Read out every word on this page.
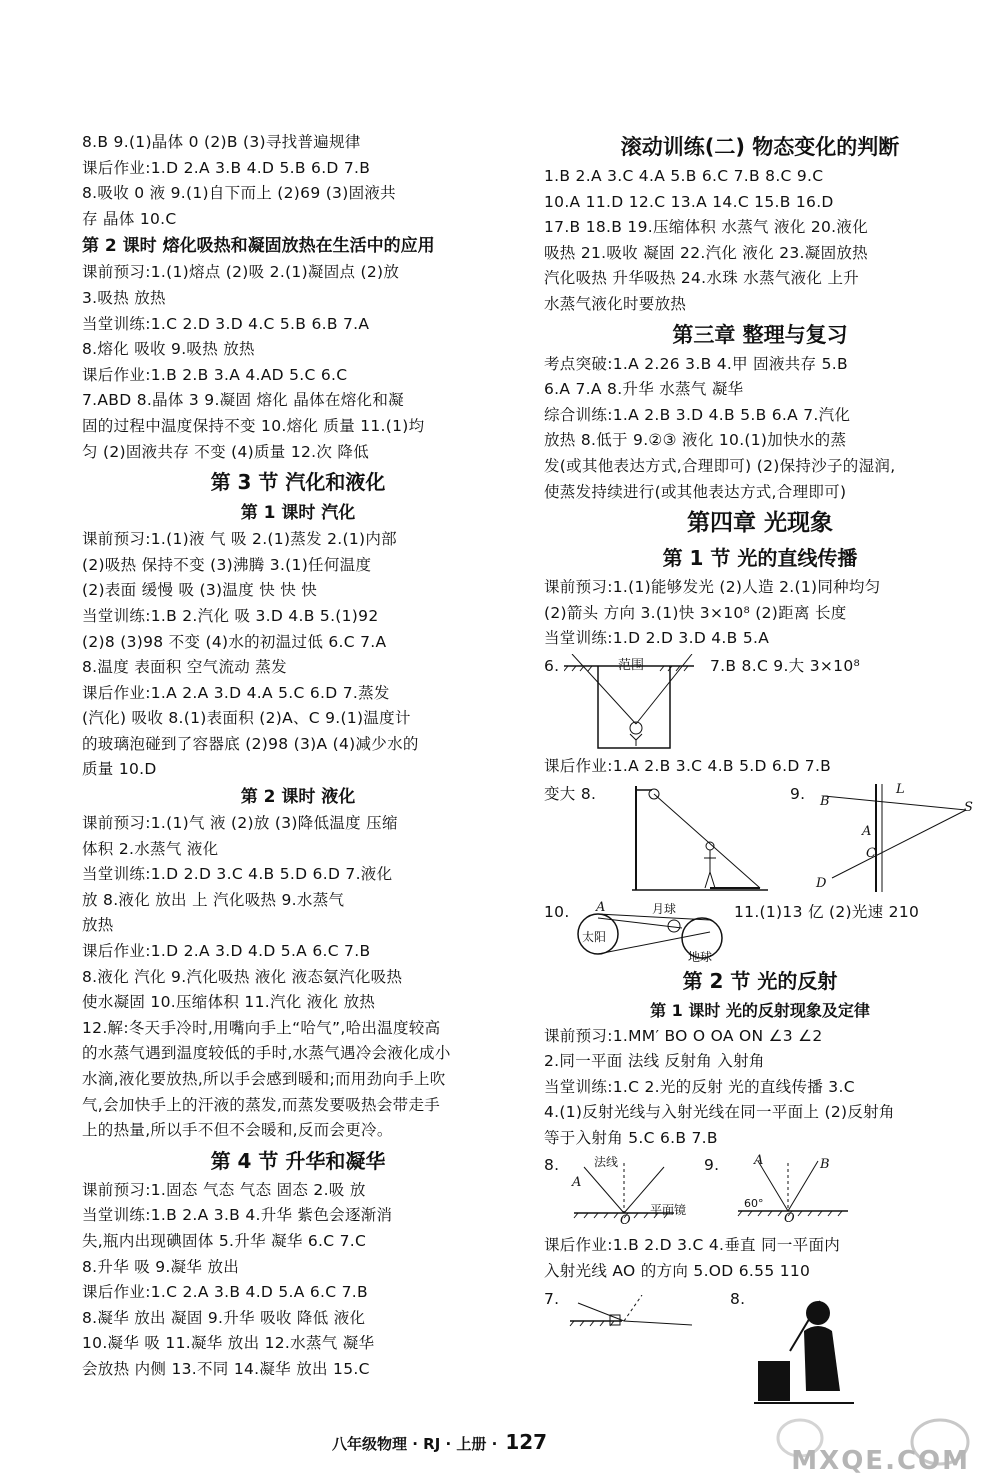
8.B 9.(1)晶体 0 (2)B (3)寻找普遍规律

课后作业:1.D 2.A 3.B 4.D 5.B 6.D 7.B

8.吸收 0 液 9.(1)自下而上 (2)69 (3)固液共

存 晶体 10.C

第 2 课时 熔化吸热和凝固放热在生活中的应用

课前预习:1.(1)熔点 (2)吸 2.(1)凝固点 (2)放

3.吸热 放热

当堂训练:1.C 2.D 3.D 4.C 5.B 6.B 7.A

8.熔化 吸收 9.吸热 放热

课后作业:1.B 2.B 3.A 4.AD 5.C 6.C

7.ABD 8.晶体 3 9.凝固 熔化 晶体在熔化和凝

固的过程中温度保持不变 10.熔化 质量 11.(1)均

匀 (2)固液共存 不变 (4)质量 12.次 降低

第 3 节 汽化和液化

第 1 课时 汽化

课前预习:1.(1)液 气 吸 2.(1)蒸发 2.(1)内部

(2)吸热 保持不变 (3)沸腾 3.(1)任何温度

(2)表面 缓慢 吸 (3)温度 快 快 快

当堂训练:1.B 2.汽化 吸 3.D 4.B 5.(1)92

(2)8 (3)98 不变 (4)水的初温过低 6.C 7.A

8.温度 表面积 空气流动 蒸发

课后作业:1.A 2.A 3.D 4.A 5.C 6.D 7.蒸发

(汽化) 吸收 8.(1)表面积 (2)A、C 9.(1)温度计

的玻璃泡碰到了容器底 (2)98 (3)A (4)减少水的

质量 10.D

第 2 课时 液化

课前预习:1.(1)气 液 (2)放 (3)降低温度 压缩

体积 2.水蒸气 液化

当堂训练:1.D 2.D 3.C 4.B 5.D 6.D 7.液化

放 8.液化 放出 上 汽化吸热 9.水蒸气

放热

课后作业:1.D 2.A 3.D 4.D 5.A 6.C 7.B

8.液化 汽化 9.汽化吸热 液化 液态氨汽化吸热

使水凝固 10.压缩体积 11.汽化 液化 放热

12.解:冬天手冷时,用嘴向手上“哈气”,哈出温度较高

的水蒸气遇到温度较低的手时,水蒸气遇冷会液化成小

水滴,液化要放热,所以手会感到暖和;而用劲向手上吹

气,会加快手上的汗液的蒸发,而蒸发要吸热会带走手

上的热量,所以手不但不会暖和,反而会更冷。

第 4 节 升华和凝华

课前预习:1.固态 气态 气态 固态 2.吸 放

当堂训练:1.B 2.A 3.B 4.升华 紫色会逐渐消

失,瓶内出现碘固体 5.升华 凝华 6.C 7.C

8.升华 吸 9.凝华 放出

课后作业:1.C 2.A 3.B 4.D 5.A 6.C 7.B

8.凝华 放出 凝固 9.升华 吸收 降低 液化

10.凝华 吸 11.凝华 放出 12.水蒸气 凝华

会放热 内侧 13.不同 14.凝华 放出 15.C

滚动训练(二) 物态变化的判断

1.B 2.A 3.C 4.A 5.B 6.C 7.B 8.C 9.C

10.A 11.D 12.C 13.A 14.C 15.B 16.D

17.B 18.B 19.压缩体积 水蒸气 液化 20.液化

吸热 21.吸收 凝固 22.汽化 液化 23.凝固放热

汽化吸热 升华吸热 24.水珠 水蒸气液化 上升

水蒸气液化时要放热

第三章 整理与复习

考点突破:1.A 2.26 3.B 4.甲 固液共存 5.B

6.A 7.A 8.升华 水蒸气 凝华

综合训练:1.A 2.B 3.D 4.B 5.B 6.A 7.汽化

放热 8.低于 9.②③ 液化 10.(1)加快水的蒸

发(或其他表达方式,合理即可) (2)保持沙子的湿润,

使蒸发持续进行(或其他表达方式,合理即可)

第四章 光现象

第 1 节 光的直线传播

课前预习:1.(1)能够发光 (2)人造 2.(1)同种均匀

(2)箭头 方向 3.(1)快 3×10⁸ (2)距离 长度

当堂训练:1.D 2.D 3.D 4.B 5.A

6.	范围	7.B 8.C 9.大 3×10⁸

课后作业:1.A 2.B 3.C 4.B 5.D 6.D 7.B

变大 8.	9. B
L
S
A
C
D
10. A	月球
太阳
地球
11.(1)13 亿 (2)光速 210

第 2 节 光的反射

第 1 课时 光的反射现象及定律

课前预习:1.MM′ BO O OA ON ∠3 ∠2

2.同一平面 法线 反射角 入射角

当堂训练:1.C 2.光的反射 光的直线传播 3.C

4.(1)反射光线与入射光线在同一平面上 (2)反射角

等于入射角 5.C 6.B 7.B

8.	法线
A
O
平面镜
9.	A	B
60°
O

课后作业:1.B 2.D 3.C 4.垂直 同一平面内

入射光线 AO 的方向 5.OD 6.55 110

7.	8.
八年级物理 · RJ · 上册 · 127
MXQE.COM
